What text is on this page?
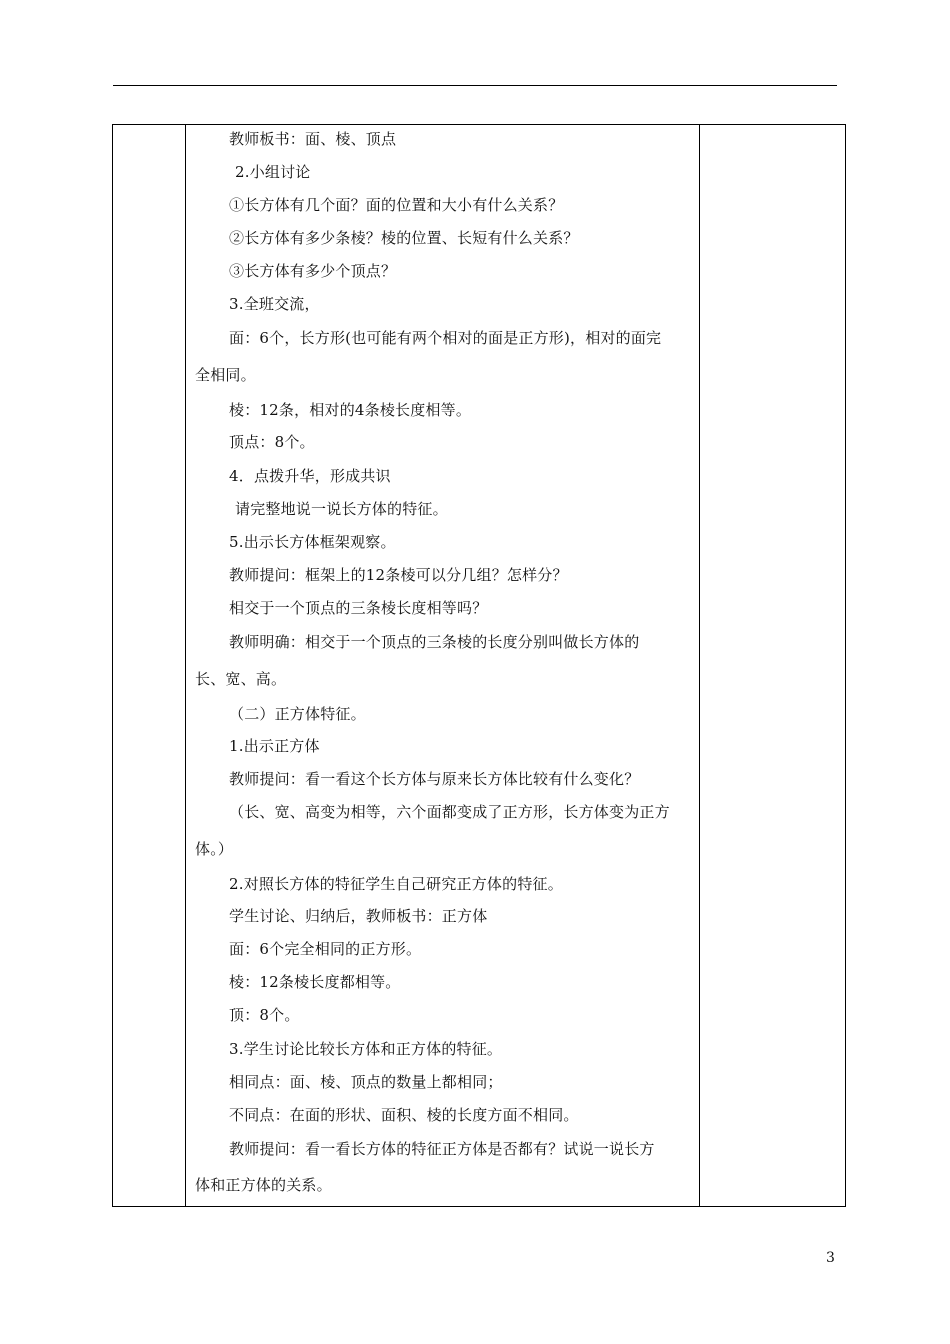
教师板书：面、棱、顶点
2.小组讨论
①长方体有几个面？面的位置和大小有什么关系？
②长方体有多少条棱？棱的位置、长短有什么关系？
③长方体有多少个顶点？
3.全班交流，
面：6个，长方形(也可能有两个相对的面是正方形)，相对的面完
全相同。
棱：12条，相对的4条棱长度相等。
顶点：8个。
4．点拨升华，形成共识
请完整地说一说长方体的特征。
5.出示长方体框架观察。
教师提问：框架上的12条棱可以分几组？怎样分？
相交于一个顶点的三条棱长度相等吗？
教师明确：相交于一个顶点的三条棱的长度分别叫做长方体的
长、宽、高。
（二）正方体特征。
1.出示正方体
教师提问：看一看这个长方体与原来长方体比较有什么变化？
（长、宽、高变为相等，六个面都变成了正方形，长方体变为正方
体。）
2.对照长方体的特征学生自己研究正方体的特征。
学生讨论、归纳后，教师板书：正方体
面：6个完全相同的正方形。
棱：12条棱长度都相等。
顶：8个。
3.学生讨论比较长方体和正方体的特征。
相同点：面、棱、顶点的数量上都相同；
不同点：在面的形状、面积、棱的长度方面不相同。
教师提问：看一看长方体的特征正方体是否都有？试说一说长方
体和正方体的关系。
3
